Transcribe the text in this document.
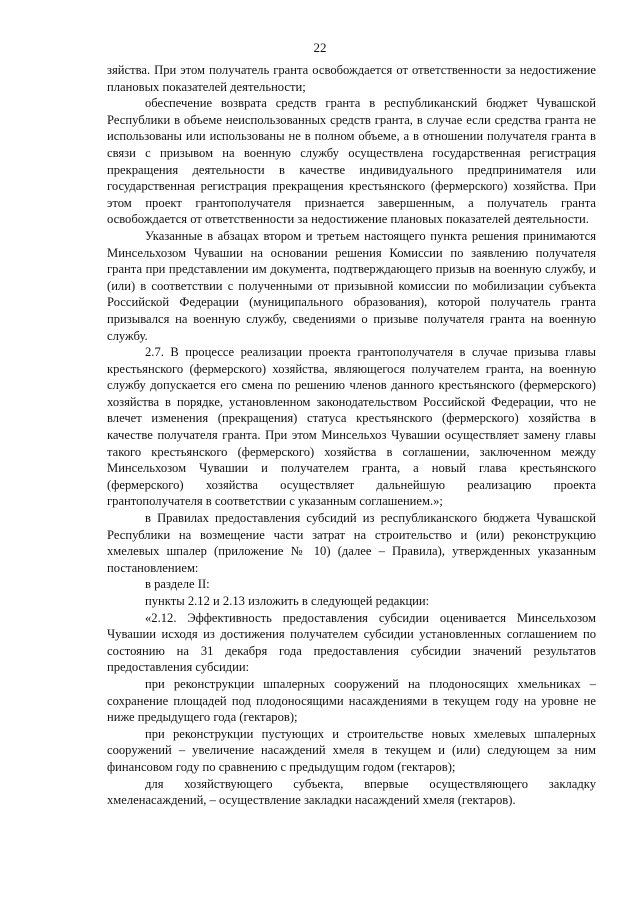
22

зяйства. При этом получатель гранта освобождается от ответственности за недостижение плановых показателей деятельности;

обеспечение возврата средств гранта в республиканский бюджет Чувашской Республики в объеме неиспользованных средств гранта, в случае если средства гранта не использованы или использованы не в полном объеме, а в отношении получателя гранта в связи с призывом на военную службу осуществлена государственная регистрация прекращения деятельности в качестве индивидуального предпринимателя или государственная регистрация прекращения крестьянского (фермерского) хозяйства. При этом проект грантополучателя признается завершенным, а получатель гранта освобождается от ответственности за недостижение плановых показателей деятельности.

Указанные в абзацах втором и третьем настоящего пункта решения принимаются Минсельхозом Чувашии на основании решения Комиссии по заявлению получателя гранта при представлении им документа, подтверждающего призыв на военную службу, и (или) в соответствии с полученными от призывной комиссии по мобилизации субъекта Российской Федерации (муниципального образования), которой получатель гранта призывался на военную службу, сведениями о призыве получателя гранта на военную службу.

2.7. В процессе реализации проекта грантополучателя в случае призыва главы крестьянского (фермерского) хозяйства, являющегося получателем гранта, на военную службу допускается его смена по решению членов данного крестьянского (фермерского) хозяйства в порядке, установленном законодательством Российской Федерации, что не влечет изменения (прекращения) статуса крестьянского (фермерского) хозяйства в качестве получателя гранта. При этом Минсельхоз Чувашии осуществляет замену главы такого крестьянского (фермерского) хозяйства в соглашении, заключенном между Минсельхозом Чувашии и получателем гранта, а новый глава крестьянского (фермерского) хозяйства осуществляет дальнейшую реализацию проекта грантополучателя в соответствии с указанным соглашением.»;

в Правилах предоставления субсидий из республиканского бюджета Чувашской Республики на возмещение части затрат на строительство и (или) реконструкцию хмелевых шпалер (приложение № 10) (далее – Правила), утвержденных указанным постановлением:

в разделе II:

пункты 2.12 и 2.13 изложить в следующей редакции:

«2.12. Эффективность предоставления субсидии оценивается Минсельхозом Чувашии исходя из достижения получателем субсидии установленных соглашением по состоянию на 31 декабря года предоставления субсидии значений результатов предоставления субсидии:

при реконструкции шпалерных сооружений на плодоносящих хмельниках – сохранение площадей под плодоносящими насаждениями в текущем году на уровне не ниже предыдущего года (гектаров);

при реконструкции пустующих и строительстве новых хмелевых шпалерных сооружений – увеличение насаждений хмеля в текущем и (или) следующем за ним финансовом году по сравнению с предыдущим годом (гектаров);

для хозяйствующего субъекта, впервые осуществляющего закладку хмеленасаждений, – осуществление закладки насаждений хмеля (гектаров).
